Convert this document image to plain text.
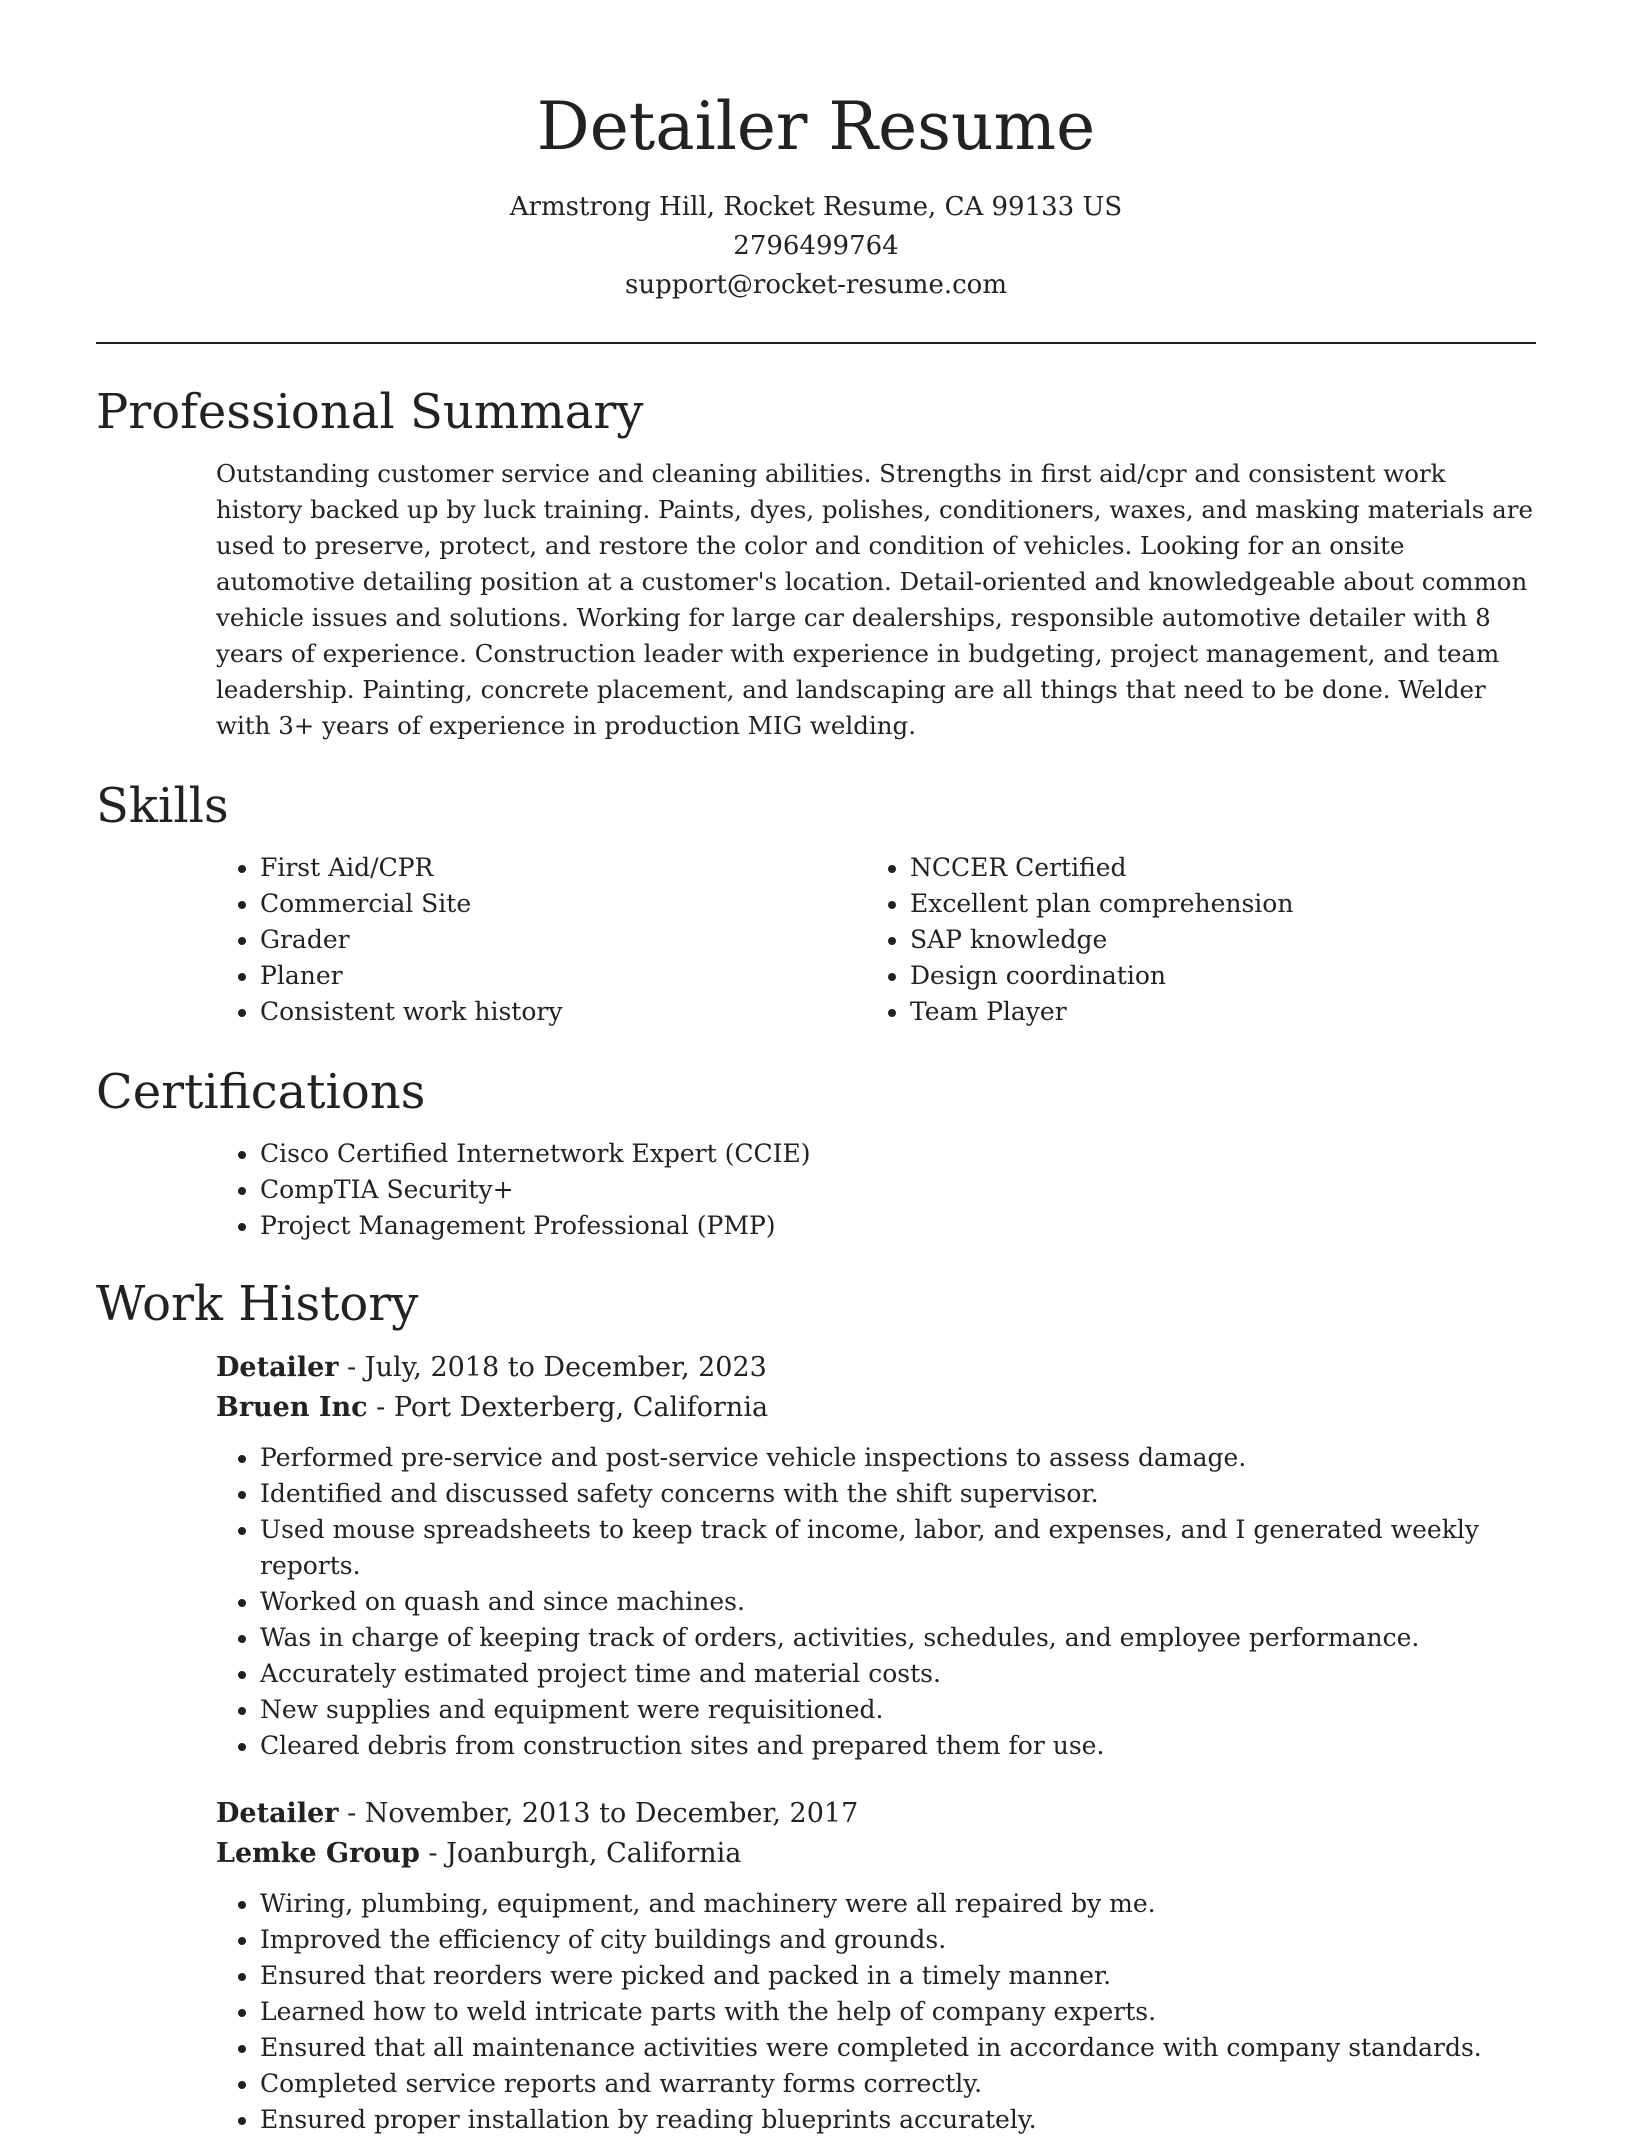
Detailer Resume
Armstrong Hill, Rocket Resume, CA 99133 US
2796499764
support@rocket-resume.com
Professional Summary

Outstanding customer service and cleaning abilities. Strengths in first aid/cpr and consistent work history backed up by luck training. Paints, dyes, polishes, conditioners, waxes, and masking materials are used to preserve, protect, and restore the color and condition of vehicles. Looking for an onsite automotive detailing position at a customer's location. Detail-oriented and knowledgeable about common vehicle issues and solutions. Working for large car dealerships, responsible automotive detailer with 8 years of experience. Construction leader with experience in budgeting, project management, and team leadership. Painting, concrete placement, and landscaping are all things that need to be done. Welder with 3+ years of experience in production MIG welding.

Skills
• First Aid/CPR
• Commercial Site
• Grader
• Planer
• Consistent work history
• NCCER Certified
• Excellent plan comprehension
• SAP knowledge
• Design coordination
• Team Player
Certifications
• Cisco Certified Internetwork Expert (CCIE)
• CompTIA Security+
• Project Management Professional (PMP)
Work History
Detailer - July, 2018 to December, 2023
Bruen Inc - Port Dexterberg, California
• Performed pre-service and post-service vehicle inspections to assess damage.
• Identified and discussed safety concerns with the shift supervisor.
• Used mouse spreadsheets to keep track of income, labor, and expenses, and I generated weekly reports.
• Worked on quash and since machines.
• Was in charge of keeping track of orders, activities, schedules, and employee performance.
• Accurately estimated project time and material costs.
• New supplies and equipment were requisitioned.
• Cleared debris from construction sites and prepared them for use.
Detailer - November, 2013 to December, 2017
Lemke Group - Joanburgh, California
• Wiring, plumbing, equipment, and machinery were all repaired by me.
• Improved the efficiency of city buildings and grounds.
• Ensured that reorders were picked and packed in a timely manner.
• Learned how to weld intricate parts with the help of company experts.
• Ensured that all maintenance activities were completed in accordance with company standards.
• Completed service reports and warranty forms correctly.
• Ensured proper installation by reading blueprints accurately.
